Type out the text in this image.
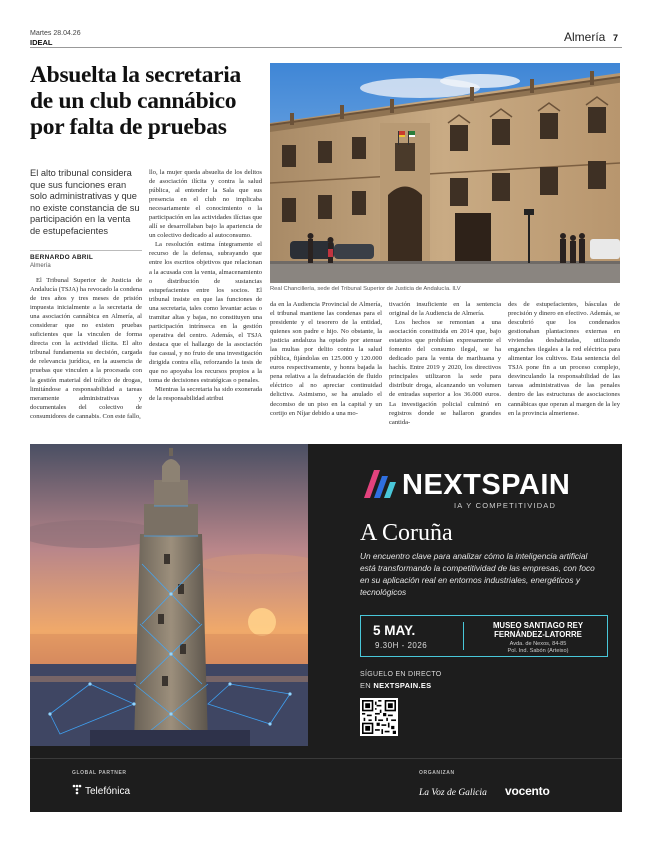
Martes 28.04.26
IDEAL	Almería 7
Absuelta la secretaria de un club cannábico por falta de pruebas
Real Chancillería, sede del Tribunal Superior de Justicia de Andalucía. ILV

El alto tribunal considera que sus funciones eran solo administrativas y que no existe constancia de su participación en la venta de estupefacientes

BERNARDO ABRIL
Almería

El Tribunal Superior de Justicia de Andalucía (TSJA) ha revocado la condena de tres años y tres meses de prisión impuesta inicialmente a la secretaria de una asociación cannábica en Almería, al considerar que no existen pruebas suficientes que la vinculen de forma directa con la actividad ilícita. El alto tribunal fundamenta su decisión, cargada de relevancia jurídica, en la ausencia de pruebas que vinculen a la procesada con la gestión material del tráfico de drogas, limitándose a responsabilidad a tareas meramente administrativas y documentales del colectivo de consumidores de cannabis. Con este fallo,

llo, la mujer queda absuelta de los delitos de asociación ilícita y contra la salud pública, al entender la Sala que sus presencia en el club no implicaba necesariamente el conocimiento o la participación en las actividades ilícitas que allí se desarrollaban bajo la apariencia de un colectivo dedicado al autoconsumo.

La resolución estima íntegramente el recurso de la defensa, subrayando que entre los escritos objetivos que relacionan a la acusada con la venta, almacenamiento o distribución de sustancias estupefacientes entre los socios. El tribunal insiste en que las funciones de una secretaria, tales como levantar actas o tramitar altas y bajas, no constituyen una participación intrínseca en la gestión operativa del centro. Además, el TSJA destaca que el hallazgo de la asociación fue casual, y no fruto de una investigación dirigida contra ella, reforzando la tesis de que no apoyaba los recursos propios a la toma de decisiones estratégicas o penales.

Mientras la secretaria ha sido exonerada de la responsabilidad atribui

da en la Audiencia Provincial de Almería, el tribunal mantiene las condenas para el presidente y el tesorero de la entidad, quienes son padre e hijo. No obstante, la justicia andaluza ha optado por atenuar las multas por delito contra la salud pública, fijándolas en 125.000 y 120.000 euros respectivamente, y honra bajada la pena relativa a la defraudación de fluido eléctrico al no apreciar continuidad delictiva. Asimismo, se ha anulado el decomiso de un piso en la capital y un cortijo en Níjar debido a una mo-

tivación insuficiente en la sentencia original de la Audiencia de Almería.

Los hechos se remontan a una asociación constituida en 2014 que, bajo estatutos que prohibían expresamente el fomento del consumo ilegal, se ha dedicado para la venta de marihuana y hachís. Entre 2019 y 2020, los directivos principales utilizaron la sede para distribuir droga, alcanzando un volumen de entradas superior a los 36.000 euros. La investigación policial culminó en registros donde se hallaron grandes cantida-

des de estupefacientes, básculas de precisión y dinero en efectivo. Además, se descubrió que los condenados gestionaban plantaciones externas en viviendas deshabitadas, utilizando enganches ilegales a la red eléctrica para alimentar los cultivos. Esta sentencia del TSJA pone fin a un proceso complejo, desvinculando la responsabilidad de las tareas administrativas de las penales dentro de las estructuras de asociaciones cannábicas que operan al margen de la ley en la provincia almeriense.

NEXTSPAIN
IA Y COMPETITIVIDAD
A Coruña

Un encuentro clave para analizar cómo la inteligencia artificial está transformando la competitividad de las empresas, con foco en su aplicación real en entornos industriales, energéticos y tecnológicos

5 MAY.
9.30H - 2026
MUSEO SANTIAGO REY FERNÁNDEZ-LATORRE
Avda. de Nexos, 84-85
Pol. Ind. Sabón (Arteixo)
SÍGUELO EN DIRECTO
EN NEXTSPAIN.ES
GLOBAL PARTNER
Telefónica
ORGANIZAN
La Voz de Galicia vocento
